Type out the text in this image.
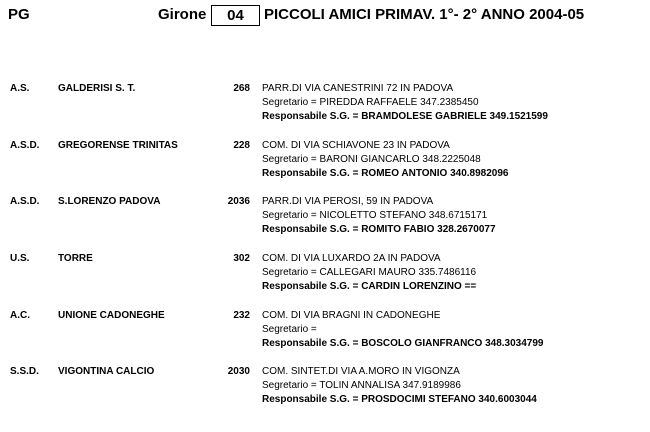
PG	Girone	04	PICCOLI AMICI PRIMAV. 1°- 2° ANNO 2004-05
A.S.	GALDERISI S. T.	268 PARR.DI VIA CANESTRINI 72 IN PADOVA
Segretario = PIREDDA RAFFAELE 347.2385450
Responsabile S.G. = BRAMDOLESE GABRIELE 349.1521599
A.S.D. GREGORENSE TRINITAS	228 COM. DI VIA SCHIAVONE 23 IN PADOVA
Segretario = BARONI GIANCARLO 348.2225048
Responsabile S.G. = ROMEO ANTONIO 340.8982096
A.S.D. S.LORENZO PADOVA	2036 PARR.DI VIA PEROSI, 59 IN PADOVA
Segretario = NICOLETTO STEFANO 348.6715171
Responsabile S.G. = ROMITO FABIO 328.2670077
U.S.	TORRE	302 COM. DI VIA LUXARDO 2A IN PADOVA
Segretario = CALLEGARI MAURO 335.7486116
Responsabile S.G. = CARDIN LORENZINO ==
A.C.	UNIONE CADONEGHE	232 COM. DI VIA BRAGNI IN CADONEGHE
Segretario =
Responsabile S.G. = BOSCOLO GIANFRANCO 348.3034799
S.S.D. VIGONTINA CALCIO	2030 COM. SINTET.DI VIA A.MORO IN VIGONZA
Segretario = TOLIN ANNALISA 347.9189986
Responsabile S.G. = PROSDOCIMI STEFANO 340.6003044
